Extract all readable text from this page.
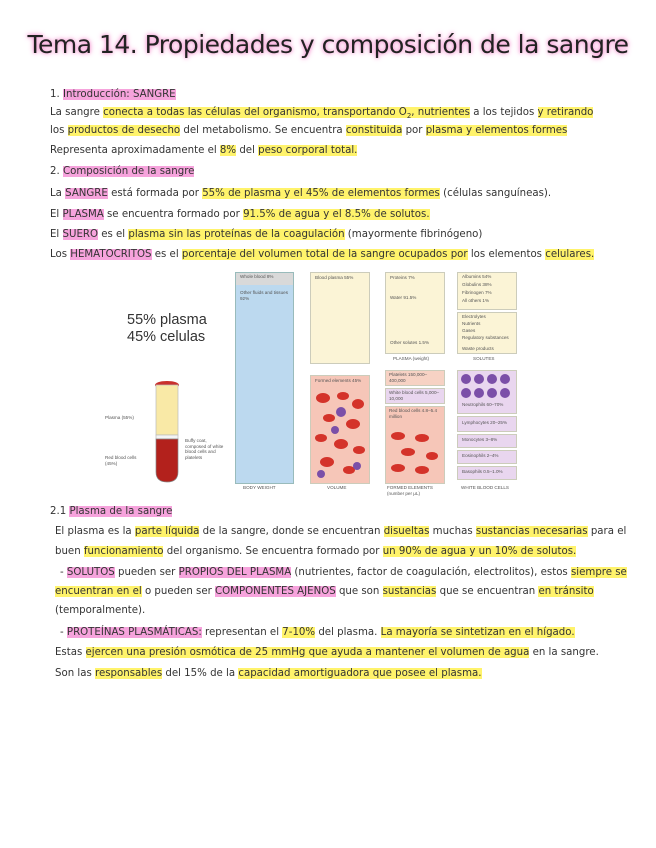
Tema 14. Propiedades y composición de la sangre
1. Introducción: SANGRE
La sangre conecta a todas las células del organismo, transportando $O_2$, nutrientes a los tejidos y retirando
los productos de desecho del metabolismo. Se encuentra constituida por plasma y elementos formes
Representa aproximadamente el 8% del peso corporal total.
2. Composición de la sangre
La SANGRE está formada por 55% de plasma y el 45% de elementos formes (células sanguíneas).
El PLASMA se encuentra formado por 91.5% de agua y el 8.5% de solutos.
El SUERO es el plasma sin las proteínas de la coagulación (mayormente fibrinógeno)
Los HEMATOCRITOS es el porcentaje del volumen total de la sangre ocupados por los elementos celulares.
55% plasma
45% celulas
Plasma (55%)
Buffy coat, composed of white blood cells and platelets
Red blood cells (45%)
Whole blood 8%
Other fluids and tissues 92%
BODY WEIGHT
Blood plasma 55%
Formed elements 45%
VOLUME
Proteins 7%
Water 91.5%
Other solutes 1.5%
PLASMA (weight)
Platelets 150,000–400,000
White blood cells 5,000–10,000
Red blood cells 4.8–5.4 million
FORMED ELEMENTS (number per μL)
Albumins 54%
Globulins 38%
Fibrinogen 7%
All others 1%
Electrolytes
Nutrients
Gases
Regulatory substances
Waste products
SOLUTES
Neutrophils 60–70%
Lymphocytes 20–25%
Monocytes 3–8%
Eosinophils 2–4%
Basophils 0.5–1.0%
WHITE BLOOD CELLS
2.1 Plasma de la sangre
El plasma es la parte líquida de la sangre, donde se encuentran disueltas muchas sustancias necesarias para el
buen funcionamiento del organismo. Se encuentra formado por un 90% de agua y un 10% de solutos.
- SOLUTOS pueden ser PROPIOS DEL PLASMA (nutrientes, factor de coagulación, electrolitos), estos siempre se
encuentran en el o pueden ser COMPONENTES AJENOS que son sustancias que se encuentran en tránsito
(temporalmente).
- PROTEÍNAS PLASMÁTICAS: representan el 7-10% del plasma. La mayoría se sintetizan en el hígado.
Estas ejercen una presión osmótica de 25 mmHg que ayuda a mantener el volumen de agua en la sangre.
Son las responsables del 15% de la capacidad amortiguadora que posee el plasma.
